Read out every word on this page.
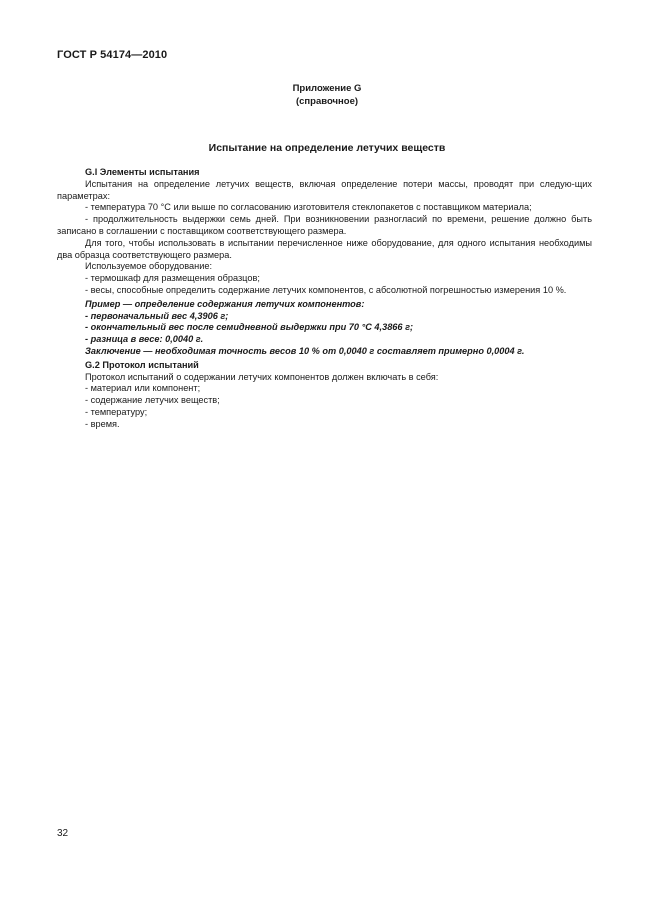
ГОСТ Р 54174—2010
Приложение G
(справочное)
Испытание на определение летучих веществ

G.l Элементы испытания

Испытания на определение летучих веществ, включая определение потери массы, проводят при следую-щих параметрах:

- температура 70 °С или выше по согласованию изготовителя стеклопакетов с поставщиком материала;

- продолжительность выдержки семь дней. При возникновении разногласий по времени, решение должно быть записано в соглашении с поставщиком соответствующего размера.

Для того, чтобы использовать в испытании перечисленное ниже оборудование, для одного испытания необходимы два образца соответствующего размера.

Используемое оборудование:

- термошкаф для размещения образцов;

- весы, способные определить содержание летучих компонентов, с абсолютной погрешностью измерения 10 %.

Пример — определение содержания летучих компонентов:

- первоначальный вес 4,3906 г;

- окончательный вес после семидневной выдержки при 70 °С 4,3866 г;

- разница в весе: 0,0040 г.

Заключение — необходимая точность весов 10 % от 0,0040 г составляет примерно 0,0004 г.

G.2 Протокол испытаний

Протокол испытаний о содержании летучих компонентов должен включать в себя:

- материал или компонент;

- содержание летучих веществ;

- температуру;

- время.

32
